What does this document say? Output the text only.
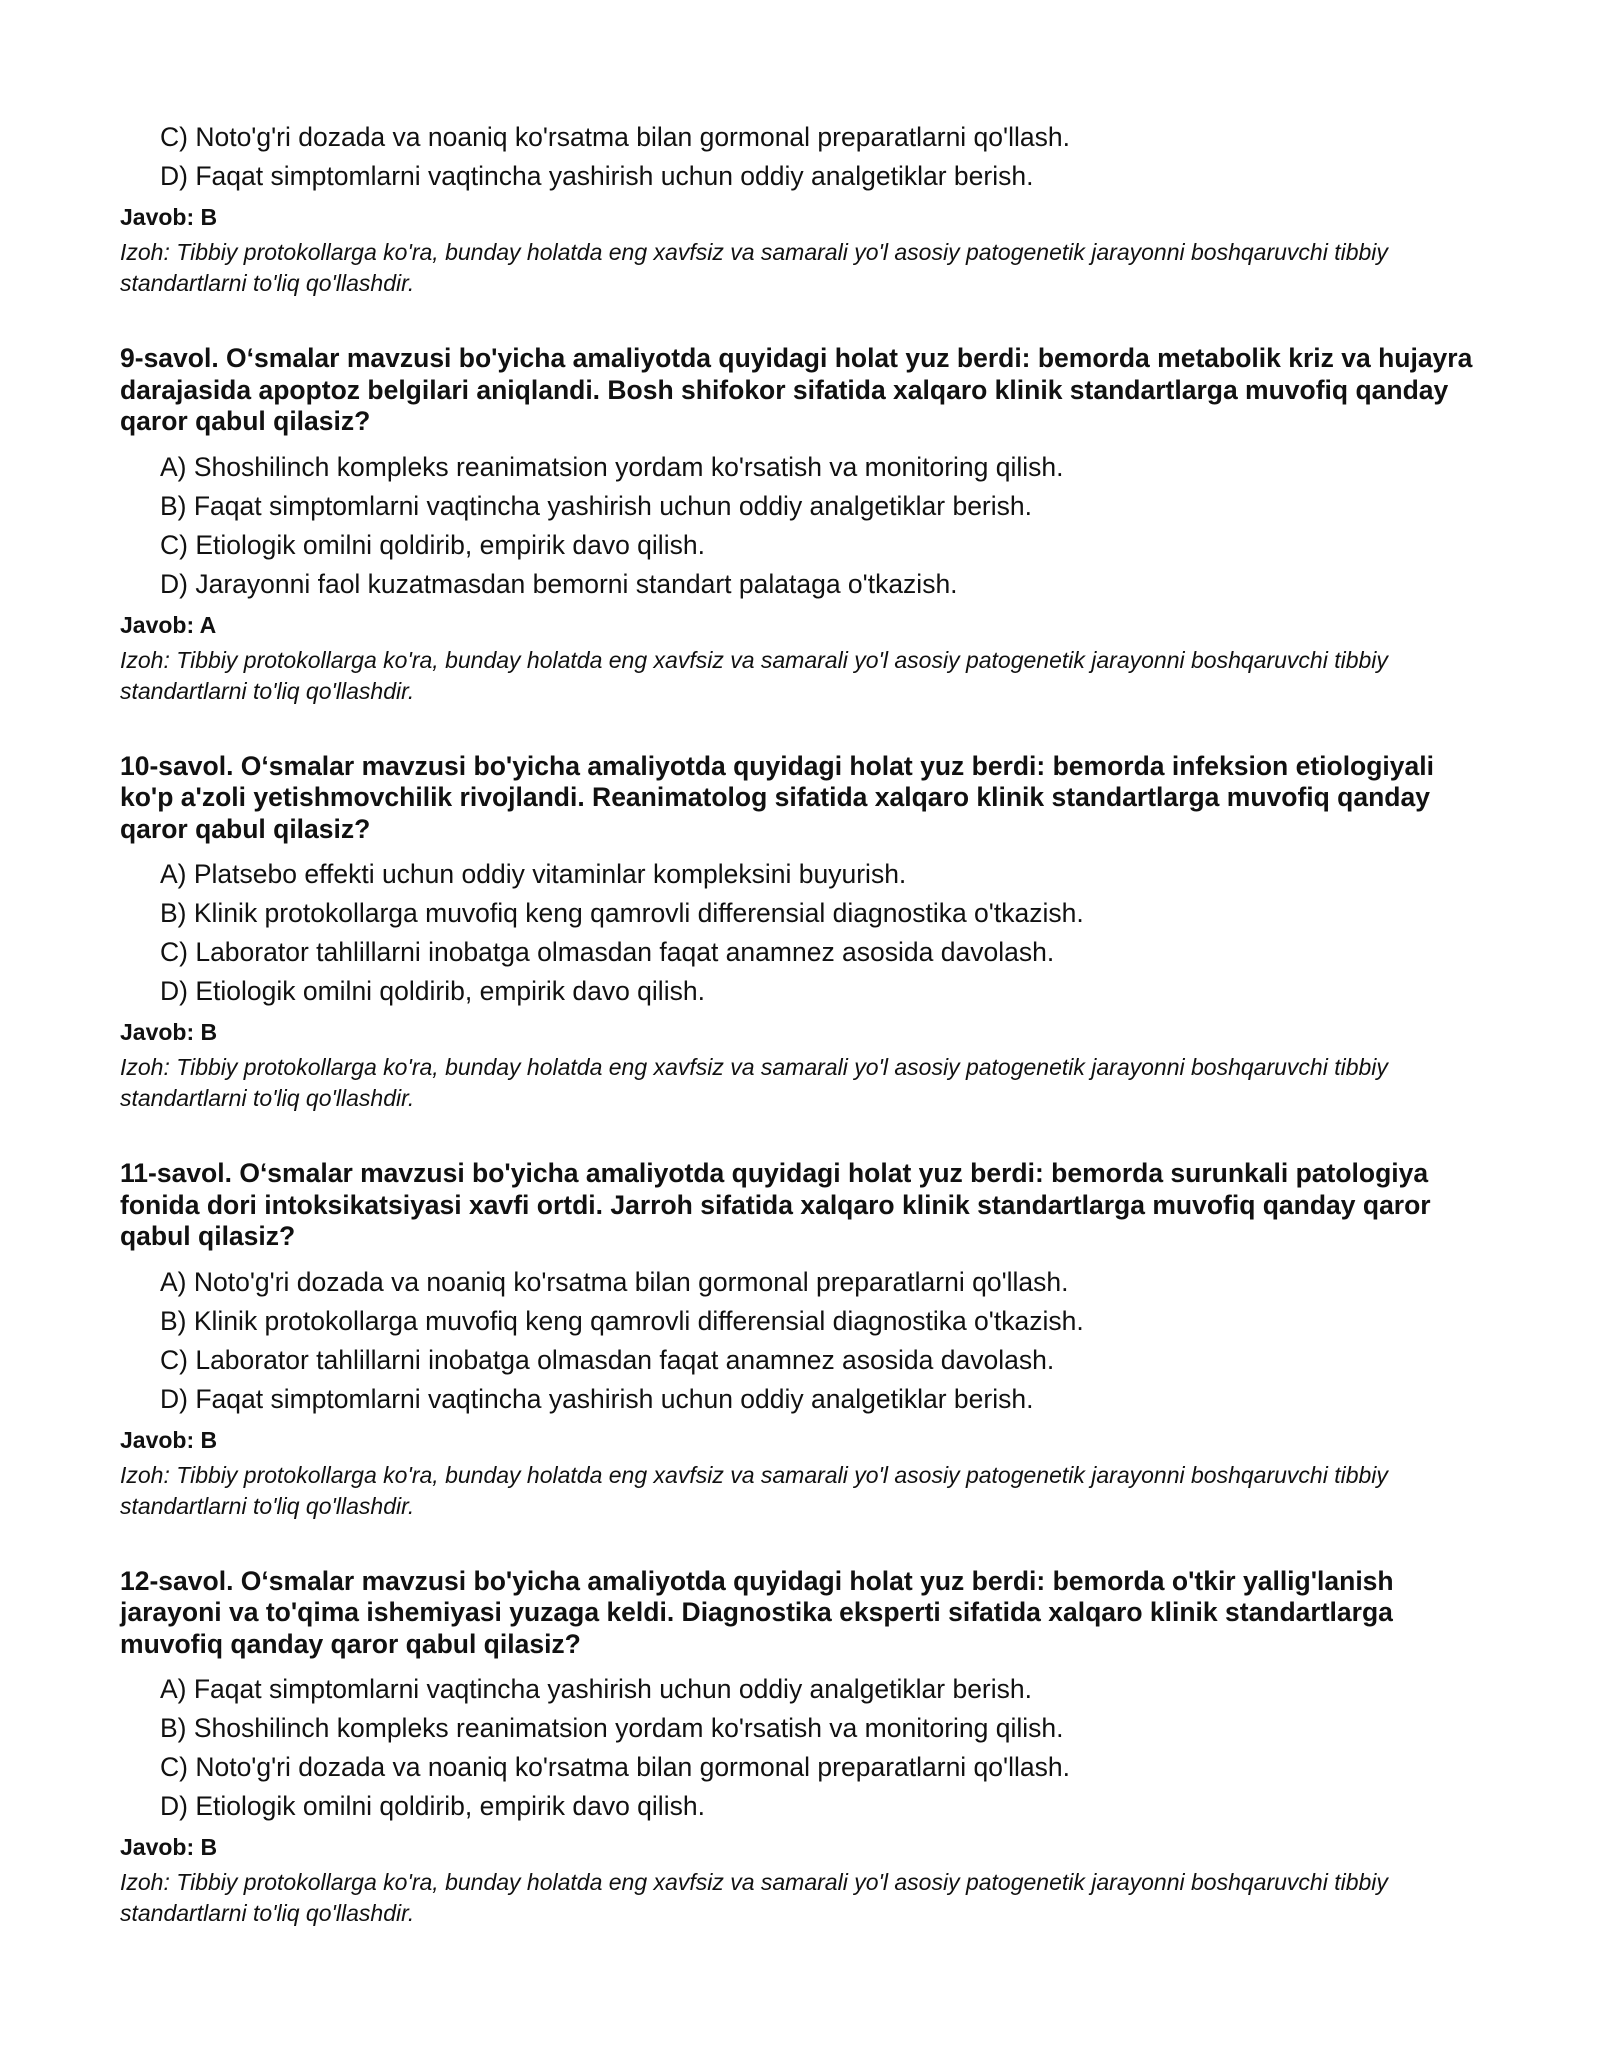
C) Noto'g'ri dozada va noaniq ko'rsatma bilan gormonal preparatlarni qo'llash.
D) Faqat simptomlarni vaqtincha yashirish uchun oddiy analgetiklar berish.
Javob: B
Izoh: Tibbiy protokollarga ko'ra, bunday holatda eng xavfsiz va samarali yo'l asosiy patogenetik jarayonni boshqaruvchi tibbiy standartlarni to'liq qo'llashdir.
9-savol. O‘smalar mavzusi bo'yicha amaliyotda quyidagi holat yuz berdi: bemorda metabolik kriz va hujayra darajasida apoptoz belgilari aniqlandi. Bosh shifokor sifatida xalqaro klinik standartlarga muvofiq qanday qaror qabul qilasiz?
A) Shoshilinch kompleks reanimatsion yordam ko'rsatish va monitoring qilish.
B) Faqat simptomlarni vaqtincha yashirish uchun oddiy analgetiklar berish.
C) Etiologik omilni qoldirib, empirik davo qilish.
D) Jarayonni faol kuzatmasdan bemorni standart palataga o'tkazish.
Javob: A
Izoh: Tibbiy protokollarga ko'ra, bunday holatda eng xavfsiz va samarali yo'l asosiy patogenetik jarayonni boshqaruvchi tibbiy standartlarni to'liq qo'llashdir.
10-savol. O‘smalar mavzusi bo'yicha amaliyotda quyidagi holat yuz berdi: bemorda infeksion etiologiyali ko'p a'zoli yetishmovchilik rivojlandi. Reanimatolog sifatida xalqaro klinik standartlarga muvofiq qanday qaror qabul qilasiz?
A) Platsebo effekti uchun oddiy vitaminlar kompleksini buyurish.
B) Klinik protokollarga muvofiq keng qamrovli differensial diagnostika o'tkazish.
C) Laborator tahlillarni inobatga olmasdan faqat anamnez asosida davolash.
D) Etiologik omilni qoldirib, empirik davo qilish.
Javob: B
Izoh: Tibbiy protokollarga ko'ra, bunday holatda eng xavfsiz va samarali yo'l asosiy patogenetik jarayonni boshqaruvchi tibbiy standartlarni to'liq qo'llashdir.
11-savol. O‘smalar mavzusi bo'yicha amaliyotda quyidagi holat yuz berdi: bemorda surunkali patologiya fonida dori intoksikatsiyasi xavfi ortdi. Jarroh sifatida xalqaro klinik standartlarga muvofiq qanday qaror qabul qilasiz?
A) Noto'g'ri dozada va noaniq ko'rsatma bilan gormonal preparatlarni qo'llash.
B) Klinik protokollarga muvofiq keng qamrovli differensial diagnostika o'tkazish.
C) Laborator tahlillarni inobatga olmasdan faqat anamnez asosida davolash.
D) Faqat simptomlarni vaqtincha yashirish uchun oddiy analgetiklar berish.
Javob: B
Izoh: Tibbiy protokollarga ko'ra, bunday holatda eng xavfsiz va samarali yo'l asosiy patogenetik jarayonni boshqaruvchi tibbiy standartlarni to'liq qo'llashdir.
12-savol. O‘smalar mavzusi bo'yicha amaliyotda quyidagi holat yuz berdi: bemorda o'tkir yallig'lanish jarayoni va to'qima ishemiyasi yuzaga keldi. Diagnostika eksperti sifatida xalqaro klinik standartlarga muvofiq qanday qaror qabul qilasiz?
A) Faqat simptomlarni vaqtincha yashirish uchun oddiy analgetiklar berish.
B) Shoshilinch kompleks reanimatsion yordam ko'rsatish va monitoring qilish.
C) Noto'g'ri dozada va noaniq ko'rsatma bilan gormonal preparatlarni qo'llash.
D) Etiologik omilni qoldirib, empirik davo qilish.
Javob: B
Izoh: Tibbiy protokollarga ko'ra, bunday holatda eng xavfsiz va samarali yo'l asosiy patogenetik jarayonni boshqaruvchi tibbiy standartlarni to'liq qo'llashdir.
